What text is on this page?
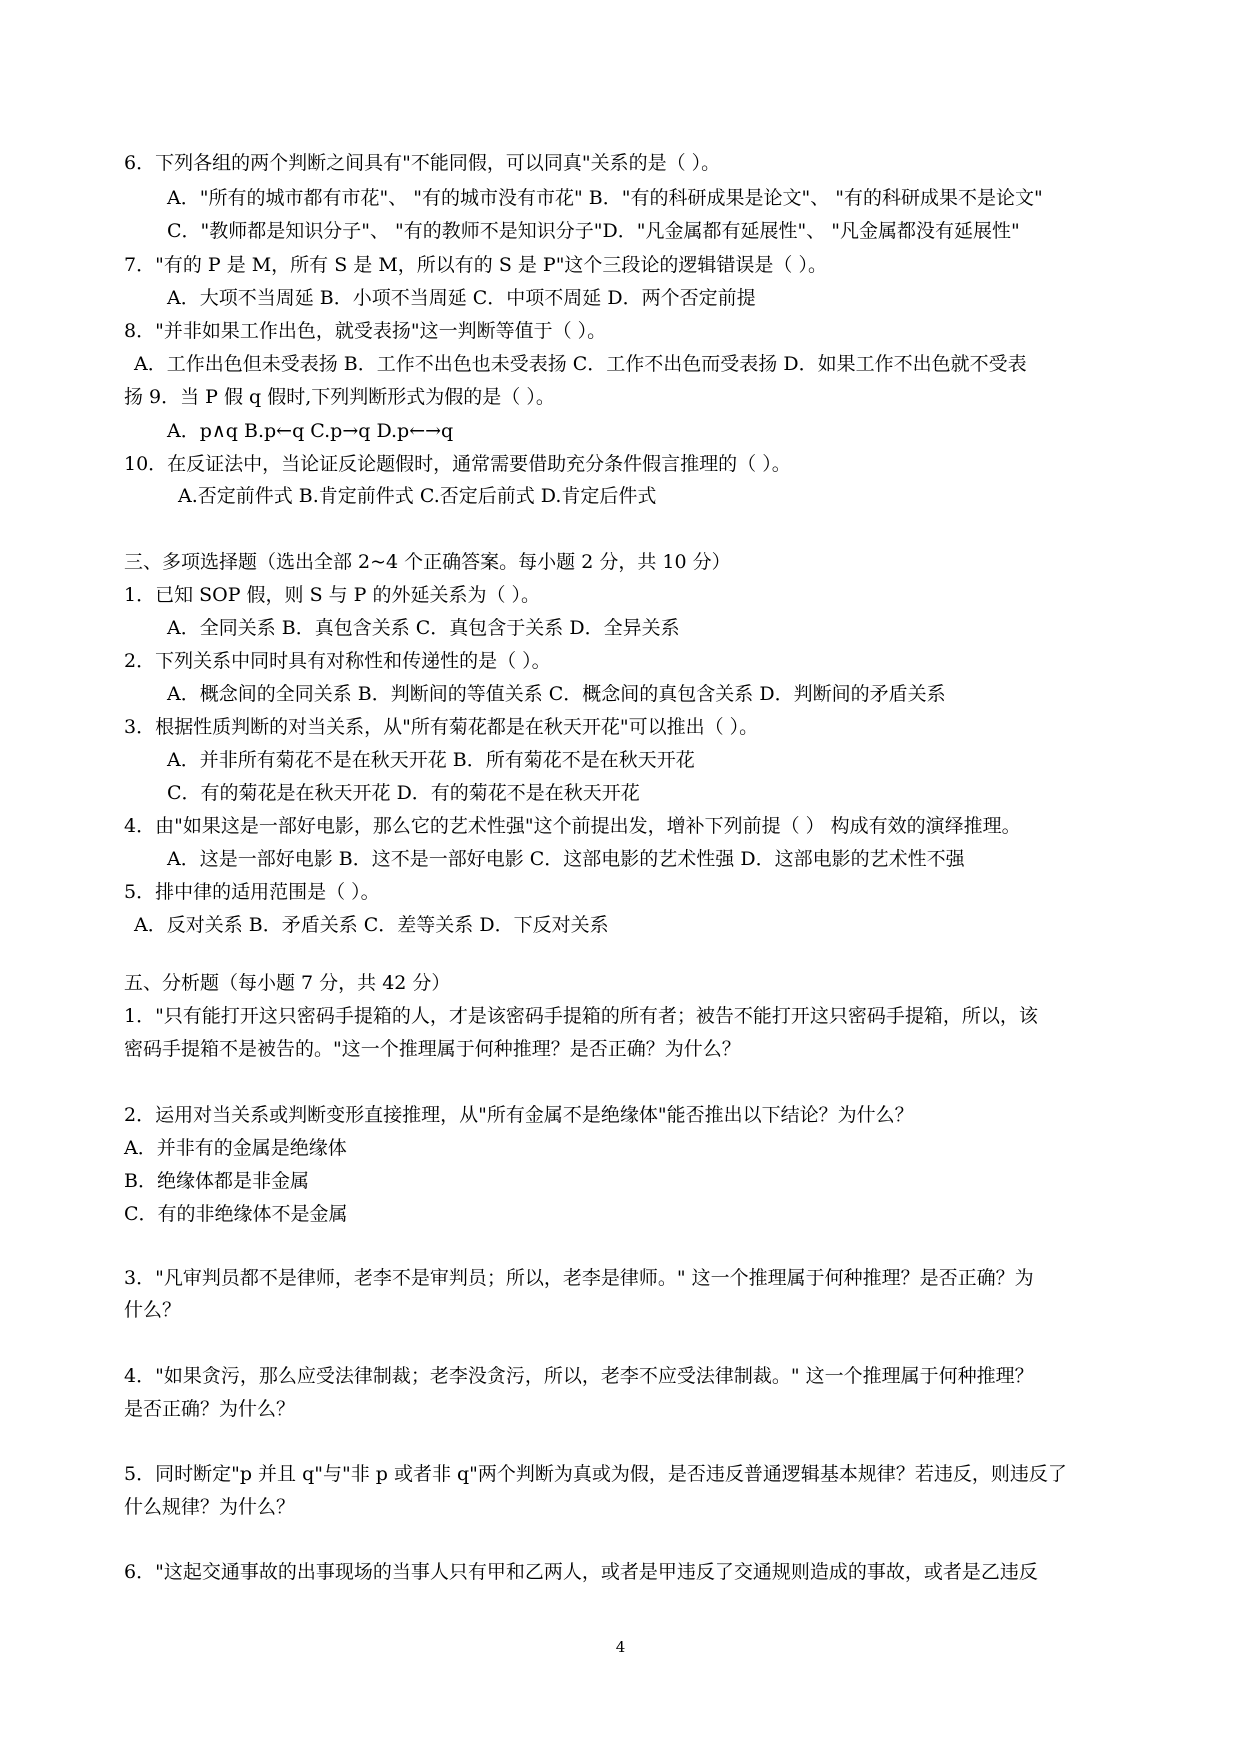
6．下列各组的两个判断之间具有"不能同假，可以同真"关系的是（ ）。
A．"所有的城市都有市花"、 "有的城市没有市花" B．"有的科研成果是论文"、 "有的科研成果不是论文"
C．"教师都是知识分子"、 "有的教师不是知识分子"D．"凡金属都有延展性"、 "凡金属都没有延展性"
7．"有的 P 是 M，所有 S 是 M，所以有的 S 是 P"这个三段论的逻辑错误是（ ）。
A．大项不当周延 B．小项不当周延 C．中项不周延 D．两个否定前提
8．"并非如果工作出色，就受表扬"这一判断等值于（ ）。
A．工作出色但未受表扬 B．工作不出色也未受表扬 C．工作不出色而受表扬 D．如果工作不出色就不受表
扬 9．当 P 假 q 假时,下列判断形式为假的是（ ）。
A．p∧q B.p←q C.p→q D.p←→q
10．在反证法中，当论证反论题假时，通常需要借助充分条件假言推理的（ ）。
A.否定前件式 B.肯定前件式 C.否定后前式 D.肯定后件式
三、多项选择题（选出全部 2~4 个正确答案。每小题 2 分，共 10 分）
1．已知 SOP 假，则 S 与 P 的外延关系为（ ）。
A．全同关系 B．真包含关系 C．真包含于关系 D．全异关系
2．下列关系中同时具有对称性和传递性的是（ ）。
A．概念间的全同关系 B．判断间的等值关系 C．概念间的真包含关系 D．判断间的矛盾关系
3．根据性质判断的对当关系，从"所有菊花都是在秋天开花"可以推出（ ）。
A．并非所有菊花不是在秋天开花 B．所有菊花不是在秋天开花
C．有的菊花是在秋天开花 D．有的菊花不是在秋天开花
4．由"如果这是一部好电影，那么它的艺术性强"这个前提出发，增补下列前提（ ） 构成有效的演绎推理。
A．这是一部好电影 B．这不是一部好电影 C．这部电影的艺术性强 D．这部电影的艺术性不强
5．排中律的适用范围是（ ）。
A．反对关系 B．矛盾关系 C．差等关系 D．下反对关系
五、分析题（每小题 7 分，共 42 分）
1．"只有能打开这只密码手提箱的人，才是该密码手提箱的所有者；被告不能打开这只密码手提箱，所以，该
密码手提箱不是被告的。"这一个推理属于何种推理？是否正确？为什么？
2．运用对当关系或判断变形直接推理，从"所有金属不是绝缘体"能否推出以下结论？为什么？
A．并非有的金属是绝缘体
B．绝缘体都是非金属
C．有的非绝缘体不是金属
3．"凡审判员都不是律师，老李不是审判员；所以，老李是律师。" 这一个推理属于何种推理？是否正确？为
什么？
4．"如果贪污，那么应受法律制裁；老李没贪污，所以，老李不应受法律制裁。" 这一个推理属于何种推理？
是否正确？为什么？
5．同时断定"p 并且 q"与"非 p 或者非 q"两个判断为真或为假，是否违反普通逻辑基本规律？若违反，则违反了
什么规律？为什么？
6．"这起交通事故的出事现场的当事人只有甲和乙两人，或者是甲违反了交通规则造成的事故，或者是乙违反
4
